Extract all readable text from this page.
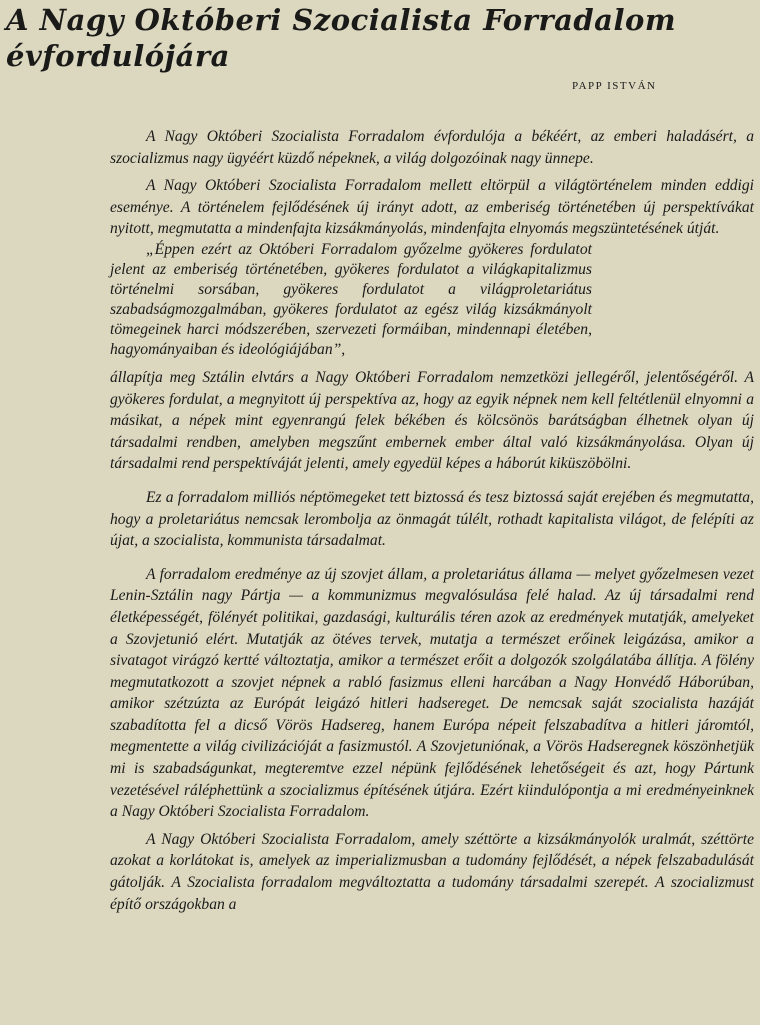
A Nagy Októberi Szocialista Forradalom évfordulójára
PAPP ISTVÁN

A Nagy Októberi Szocialista Forradalom évfordulója a békéért, az emberi haladásért, a szocializmus nagy ügyéért küzdő népeknek, a világ dolgozóinak nagy ünnepe.

A Nagy Októberi Szocialista Forradalom mellett eltörpül a világtörténelem minden eddigi eseménye. A történelem fejlődésének új irányt adott, az emberiség történetében új perspektívákat nyitott, megmutatta a mindenfajta kizsákmányolás, mindenfajta elnyomás megszüntetésének útját.

„Éppen ezért az Októberi Forradalom győzelme gyökeres fordulatot jelent az emberiség történetében, gyökeres fordulatot a világkapitalizmus történelmi sorsában, gyökeres fordulatot a világproletariátus szabadságmozgalmában, gyökeres fordulatot az egész világ kizsákmányolt tömegeinek harci módszerében, szervezeti formáiban, mindennapi életében, hagyományaiban és ideológiájában”,

állapítja meg Sztálin elvtárs a Nagy Októberi Forradalom nemzetközi jellegéről, jelentőségéről. A gyökeres fordulat, a megnyitott új perspektíva az, hogy az egyik népnek nem kell feltétlenül elnyomni a másikat, a népek mint egyenrangú felek békében és kölcsönös barátságban élhetnek olyan új társadalmi rendben, amelyben megszűnt embernek ember által való kizsákmányolása. Olyan új társadalmi rend perspektíváját jelenti, amely egyedül képes a háborút kiküszöbölni.

Ez a forradalom milliós néptömegeket tett biztossá és tesz biztossá saját erejében és megmutatta, hogy a proletariátus nemcsak lerombolja az önmagát túlélt, rothadt kapitalista világot, de felépíti az újat, a szocialista, kommunista társadalmat.

A forradalom eredménye az új szovjet állam, a proletariátus állama — melyet győzelmesen vezet Lenin-Sztálin nagy Pártja — a kommunizmus megvalósulása felé halad. Az új társadalmi rend életképességét, fölényét politikai, gazdasági, kulturális téren azok az eredmények mutatják, amelyeket a Szovjetunió elért. Mutatják az ötéves tervek, mutatja a természet erőinek leigázása, amikor a sivatagot virágzó kertté változtatja, amikor a természet erőit a dolgozók szolgálatába állítja. A fölény megmutatkozott a szovjet népnek a rabló fasizmus elleni harcában a Nagy Honvédő Háborúban, amikor szétzúzta az Európát leigázó hitleri hadsereget. De nemcsak saját szocialista hazáját szabadította fel a dicső Vörös Hadsereg, hanem Európa népeit felszabadítva a hitleri járomtól, megmentette a világ civilizációját a fasizmustól. A Szovjetuniónak, a Vörös Hadseregnek köszönhetjük mi is szabadságunkat, megteremtve ezzel népünk fejlődésének lehetőségeit és azt, hogy Pártunk vezetésével ráléphettünk a szocializmus építésének útjára. Ezért kiindulópontja a mi eredményeinknek a Nagy Októberi Szocialista Forradalom.

A Nagy Októberi Szocialista Forradalom, amely széttörte a kizsákmányolók uralmát, széttörte azokat a korlátokat is, amelyek az imperializmusban a tudomány fejlődését, a népek felszabadulását gátolják. A Szocialista forradalom megváltoztatta a tudomány társadalmi szerepét. A szocializmust építő országokban a
